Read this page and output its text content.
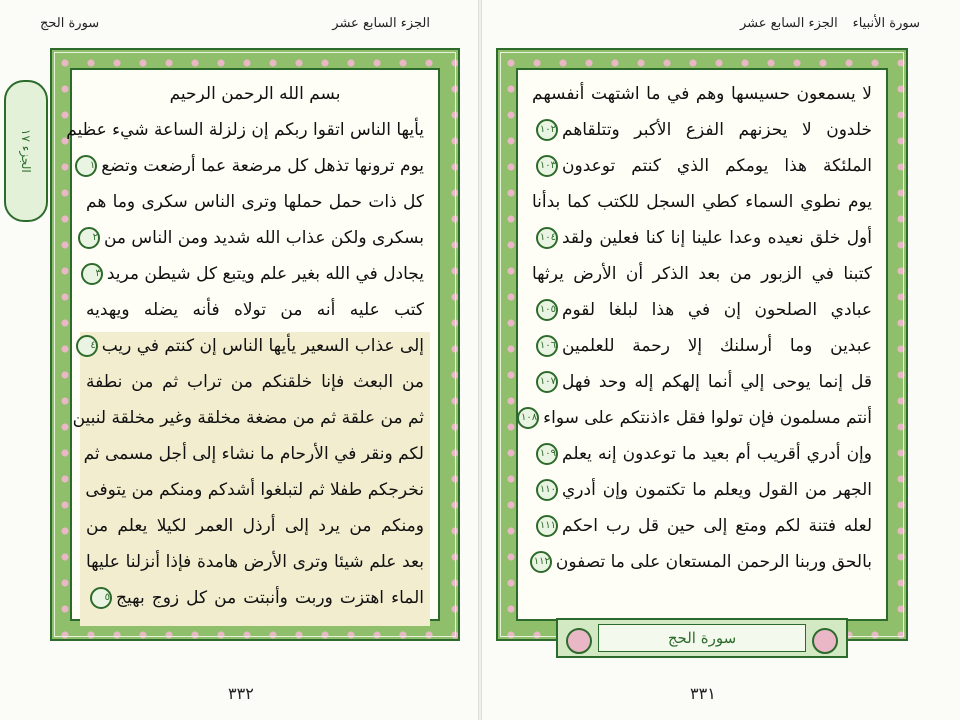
الجزء السابع عشر
سورة الحج
الجزء ١٧
بسم الله الرحمن الرحيم
يأيها الناس اتقوا ربكم إن زلزلة الساعة شيء عظيم
يوم ترونها تذهل كل مرضعة عما أرضعت وتضع١
كل ذات حمل حملها وترى الناس سكرى وما هم
بسكرى ولكن عذاب الله شديد ومن الناس من٢
يجادل في الله بغير علم ويتبع كل شيطن مريد٣
كتب عليه أنه من تولاه فأنه يضله ويهديه
إلى عذاب السعير يأيها الناس إن كنتم في ريب٤
من البعث فإنا خلقنكم من تراب ثم من نطفة
ثم من علقة ثم من مضغة مخلقة وغير مخلقة لنبين
لكم ونقر في الأرحام ما نشاء إلى أجل مسمى ثم
نخرجكم طفلا ثم لتبلغوا أشدكم ومنكم من يتوفى
ومنكم من يرد إلى أرذل العمر لكيلا يعلم من
بعد علم شيئا وترى الأرض هامدة فإذا أنزلنا عليها
الماء اهتزت وربت وأنبتت من كل زوج بهيج٥
٣٣٢
سورة الأنبياء
الجزء السابع عشر
لا يسمعون حسيسها وهم في ما اشتهت أنفسهم
خلدون لا يحزنهم الفزع الأكبر وتتلقاهم١٠٢
الملئكة هذا يومكم الذي كنتم توعدون١٠٣
يوم نطوي السماء كطي السجل للكتب كما بدأنا
أول خلق نعيده وعدا علينا إنا كنا فعلين ولقد١٠٤
كتبنا في الزبور من بعد الذكر أن الأرض يرثها
عبادي الصلحون إن في هذا لبلغا لقوم١٠٥
عبدين وما أرسلنك إلا رحمة للعلمين١٠٦
قل إنما يوحى إلي أنما إلهكم إله وحد فهل١٠٧
أنتم مسلمون فإن تولوا فقل ءاذنتكم على سواء١٠٨
وإن أدري أقريب أم بعيد ما توعدون إنه يعلم١٠٩
الجهر من القول ويعلم ما تكتمون وإن أدري١١٠
لعله فتنة لكم ومتع إلى حين قل رب احكم١١١
بالحق وربنا الرحمن المستعان على ما تصفون١١٢
سورة الحج
٣٣١
